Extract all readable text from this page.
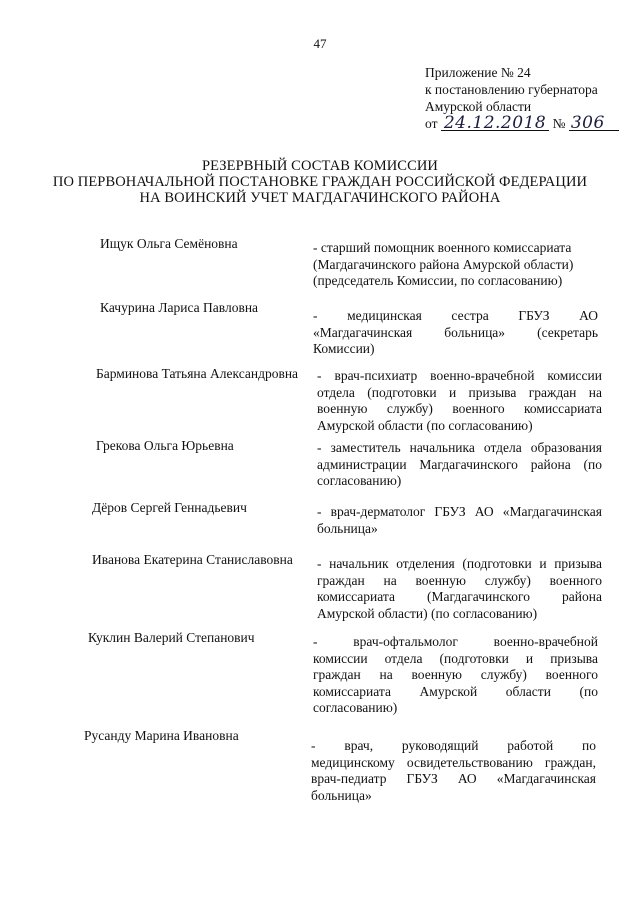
47
Приложение № 24
к постановлению губернатора
Амурской области
от 24.12.2018 № 306
РЕЗЕРВНЫЙ СОСТАВ КОМИССИИ
ПО ПЕРВОНАЧАЛЬНОЙ ПОСТАНОВКЕ ГРАЖДАН РОССИЙСКОЙ ФЕДЕРАЦИИ
НА ВОИНСКИЙ УЧЕТ МАГДАГАЧИНСКОГО РАЙОНА
Ищук Ольга Семёновна	- старший помощник военного комиссариата
(Магдагачинского района Амурской области)
(председатель Комиссии, по согласованию)
Качурина Лариса Павловна
- медицинская сестра ГБУЗ АО
«Магдагачинская больница» (секретарь
Комиссии)
Барминова Татьяна Александровна - врач-психиатр военно-врачебной комиссии
отдела (подготовки и призыва граждан на
военную службу) военного комиссариата
Амурской области (по согласованию)
Грекова Ольга Юрьевна	- заместитель начальника отдела образования
администрации Магдагачинского района (по
согласованию)
Дёров Сергей Геннадьевич	- врач-дерматолог ГБУЗ АО «Магдагачинская
больница»
Иванова Екатерина Станиславовна - начальник отделения (подготовки и призыва
граждан на военную службу) военного
комиссариата (Магдагачинского района
Амурской области) (по согласованию)
Куклин Валерий Степанович	- врач-офтальмолог военно-врачебной
комиссии отдела (подготовки и призыва
граждан на военную службу) военного
комиссариата Амурской области (по
согласованию)
Русанду Марина Ивановна
- врач, руководящий работой по
медицинскому освидетельствованию граждан,
врач-педиатр ГБУЗ АО «Магдагачинская
больница»
